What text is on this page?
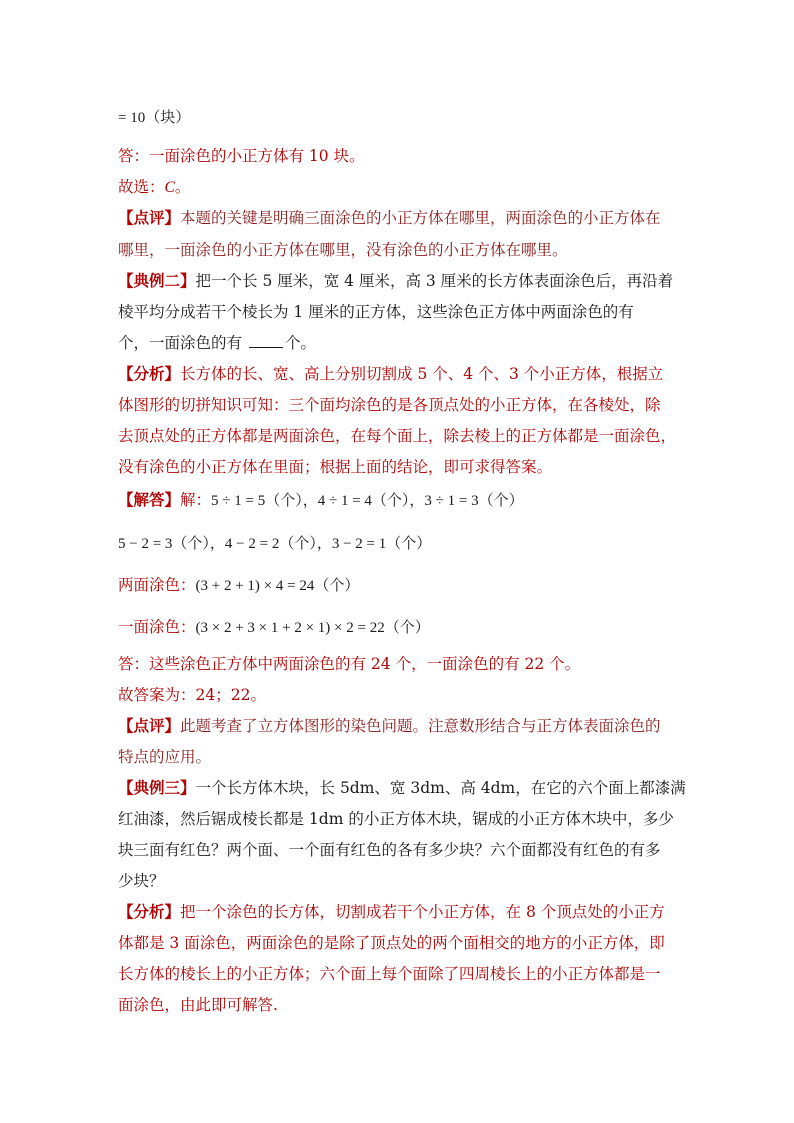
= 10（块）
答：一面涂色的小正方体有 10 块。
故选：C。
【点评】本题的关键是明确三面涂色的小正方体在哪里，两面涂色的小正方体在
哪里，一面涂色的小正方体在哪里，没有涂色的小正方体在哪里。
【典例二】把一个长 5 厘米，宽 4 厘米，高 3 厘米的长方体表面涂色后，再沿着
棱平均分成若干个棱长为 1 厘米的正方体，这些涂色正方体中两面涂色的有
个，一面涂色的有 个。
【分析】长方体的长、宽、高上分别切割成 5 个、4 个、3 个小正方体，根据立
体图形的切拼知识可知：三个面均涂色的是各顶点处的小正方体，在各棱处，除
去顶点处的正方体都是两面涂色，在每个面上，除去棱上的正方体都是一面涂色，
没有涂色的小正方体在里面；根据上面的结论，即可求得答案。
【解答】解：5 ÷ 1 = 5（个），4 ÷ 1 = 4（个），3 ÷ 1 = 3（个）
5 − 2 = 3（个），4 − 2 = 2（个），3 − 2 = 1（个）
两面涂色：(3 + 2 + 1) × 4 = 24（个）
一面涂色：(3 × 2 + 3 × 1 + 2 × 1) × 2 = 22（个）
答：这些涂色正方体中两面涂色的有 24 个，一面涂色的有 22 个。
故答案为：24；22。
【点评】此题考查了立方体图形的染色问题。注意数形结合与正方体表面涂色的
特点的应用。
【典例三】一个长方体木块，长 5dm、宽 3dm、高 4dm，在它的六个面上都漆满
红油漆，然后锯成棱长都是 1dm 的小正方体木块，锯成的小正方体木块中，多少
块三面有红色？两个面、一个面有红色的各有多少块？六个面都没有红色的有多
少块？
【分析】把一个涂色的长方体，切割成若干个小正方体，在 8 个顶点处的小正方
体都是 3 面涂色，两面涂色的是除了顶点处的两个面相交的地方的小正方体，即
长方体的棱长上的小正方体；六个面上每个面除了四周棱长上的小正方体都是一
面涂色，由此即可解答.
